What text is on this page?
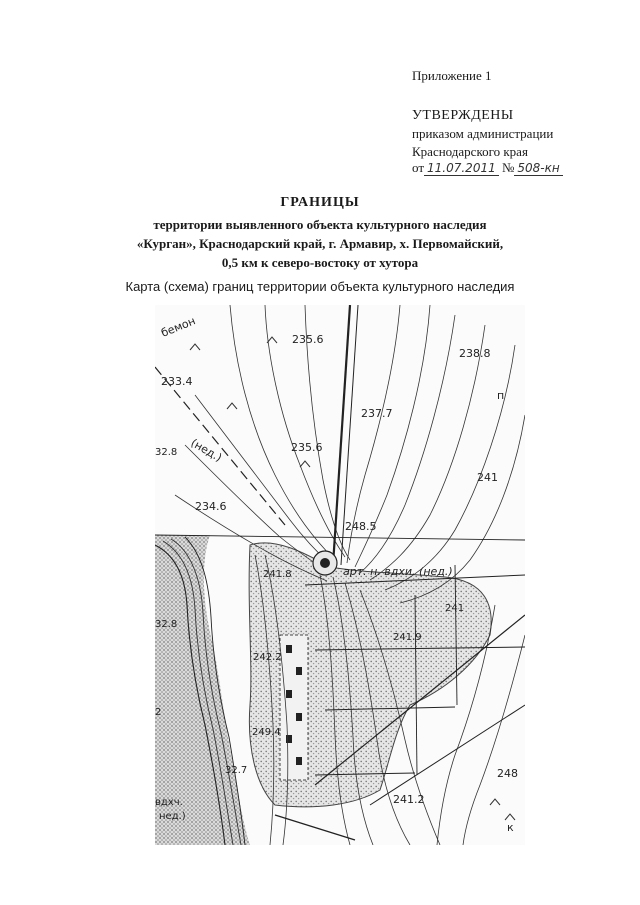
Приложение 1
УТВЕРЖДЕНЫ
приказом администрации
Краснодарского края
от 11.07.2011 № 508-кн
ГРАНИЦЫ
территории выявленного объекта культурного наследия
«Курган», Краснодарский край, г. Армавир, х. Первомайский,
0,5 км к северо-востоку от хутора
Карта (схема) границ территории объекта культурного наследия
бемон	235.6
238.8
233.4
237.7
235.6
241
234.6
248.5
241.8
241
241.9
248
242.2
249.4
241.2
32.8
32.8
32.7
(нед.)
арт. н. вдхи. (нед.)
вдхч.
нед.)
п
к
2
